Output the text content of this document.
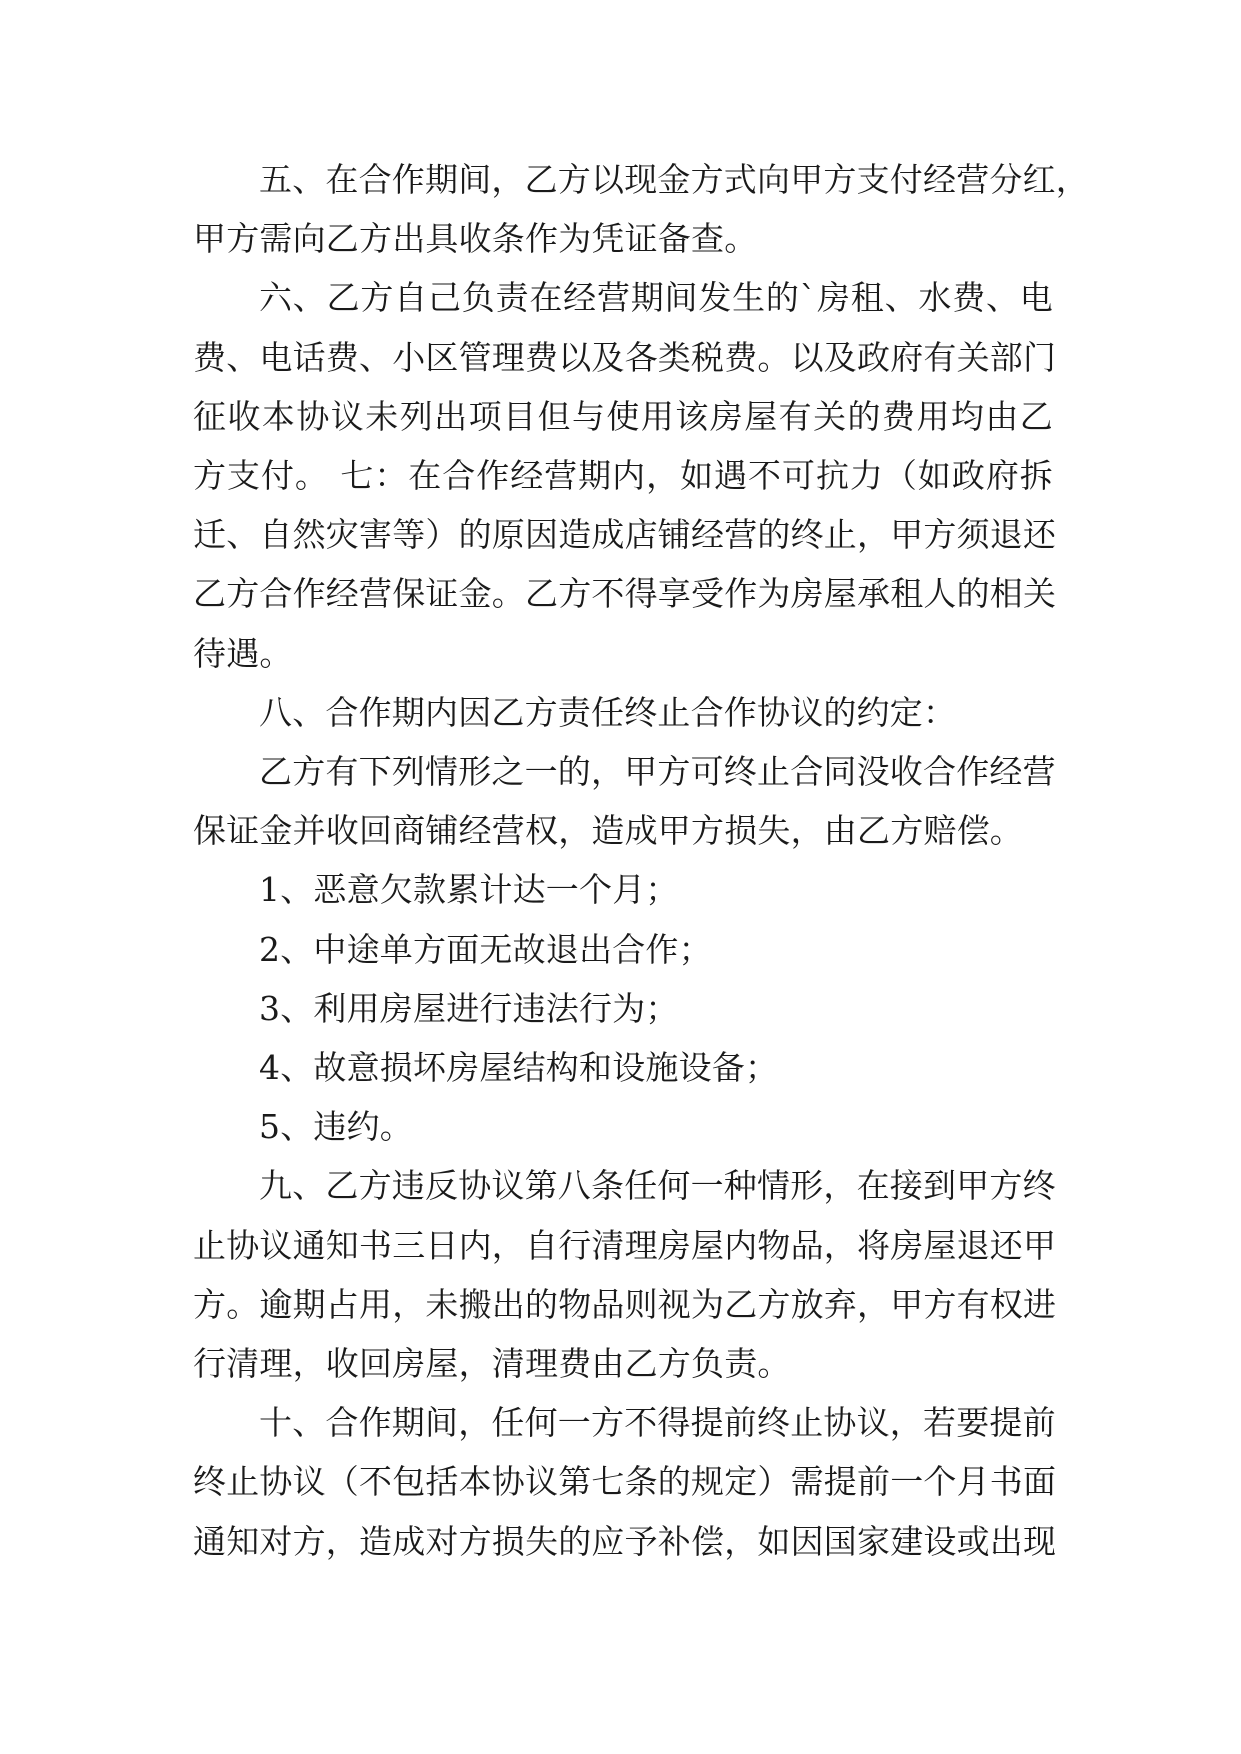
五、在合作期间，乙方以现金方式向甲方支付经营分红，
甲方需向乙方出具收条作为凭证备查。
六、乙方自己负责在经营期间发生的`房租、水费、电
费、电话费、小区管理费以及各类税费。以及政府有关部门
征收本协议未列出项目但与使用该房屋有关的费用均由乙
方支付。 七：在合作经营期内，如遇不可抗力（如政府拆
迁、自然灾害等）的原因造成店铺经营的终止，甲方须退还
乙方合作经营保证金。乙方不得享受作为房屋承租人的相关
待遇。
八、合作期内因乙方责任终止合作协议的约定：
乙方有下列情形之一的，甲方可终止合同没收合作经营
保证金并收回商铺经营权，造成甲方损失，由乙方赔偿。
1、恶意欠款累计达一个月；
2、中途单方面无故退出合作；
3、利用房屋进行违法行为；
4、故意损坏房屋结构和设施设备；
5、违约。
九、乙方违反协议第八条任何一种情形，在接到甲方终
止协议通知书三日内，自行清理房屋内物品，将房屋退还甲
方。逾期占用，未搬出的物品则视为乙方放弃，甲方有权进
行清理，收回房屋，清理费由乙方负责。
十、合作期间，任何一方不得提前终止协议，若要提前
终止协议（不包括本协议第七条的规定）需提前一个月书面
通知对方，造成对方损失的应予补偿，如因国家建设或出现
